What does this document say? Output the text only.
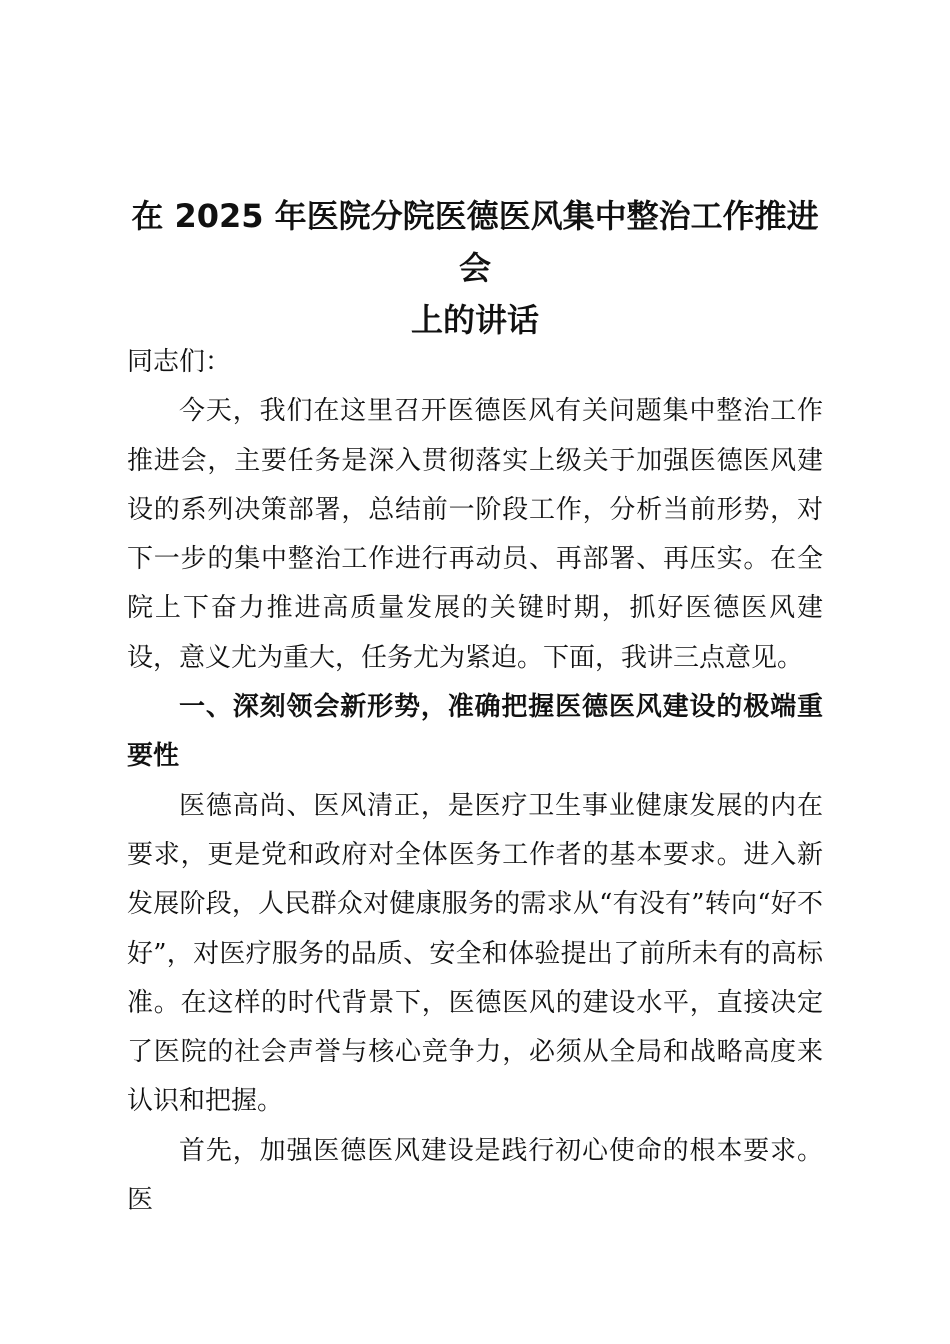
在 2025 年医院分院医德医风集中整治工作推进会
上的讲话

同志们：

今天，我们在这里召开医德医风有关问题集中整治工作推进会，主要任务是深入贯彻落实上级关于加强医德医风建设的系列决策部署，总结前一阶段工作，分析当前形势，对下一步的集中整治工作进行再动员、再部署、再压实。在全院上下奋力推进高质量发展的关键时期，抓好医德医风建设，意义尤为重大，任务尤为紧迫。下面，我讲三点意见。

一、深刻领会新形势，准确把握医德医风建设的极端重要性

医德高尚、医风清正，是医疗卫生事业健康发展的内在要求，更是党和政府对全体医务工作者的基本要求。进入新发展阶段，人民群众对健康服务的需求从“有没有”转向“好不好”，对医疗服务的品质、安全和体验提出了前所未有的高标准。在这样的时代背景下，医德医风的建设水平，直接决定了医院的社会声誉与核心竞争力，必须从全局和战略高度来认识和把握。

首先，加强医德医风建设是践行初心使命的根本要求。医
